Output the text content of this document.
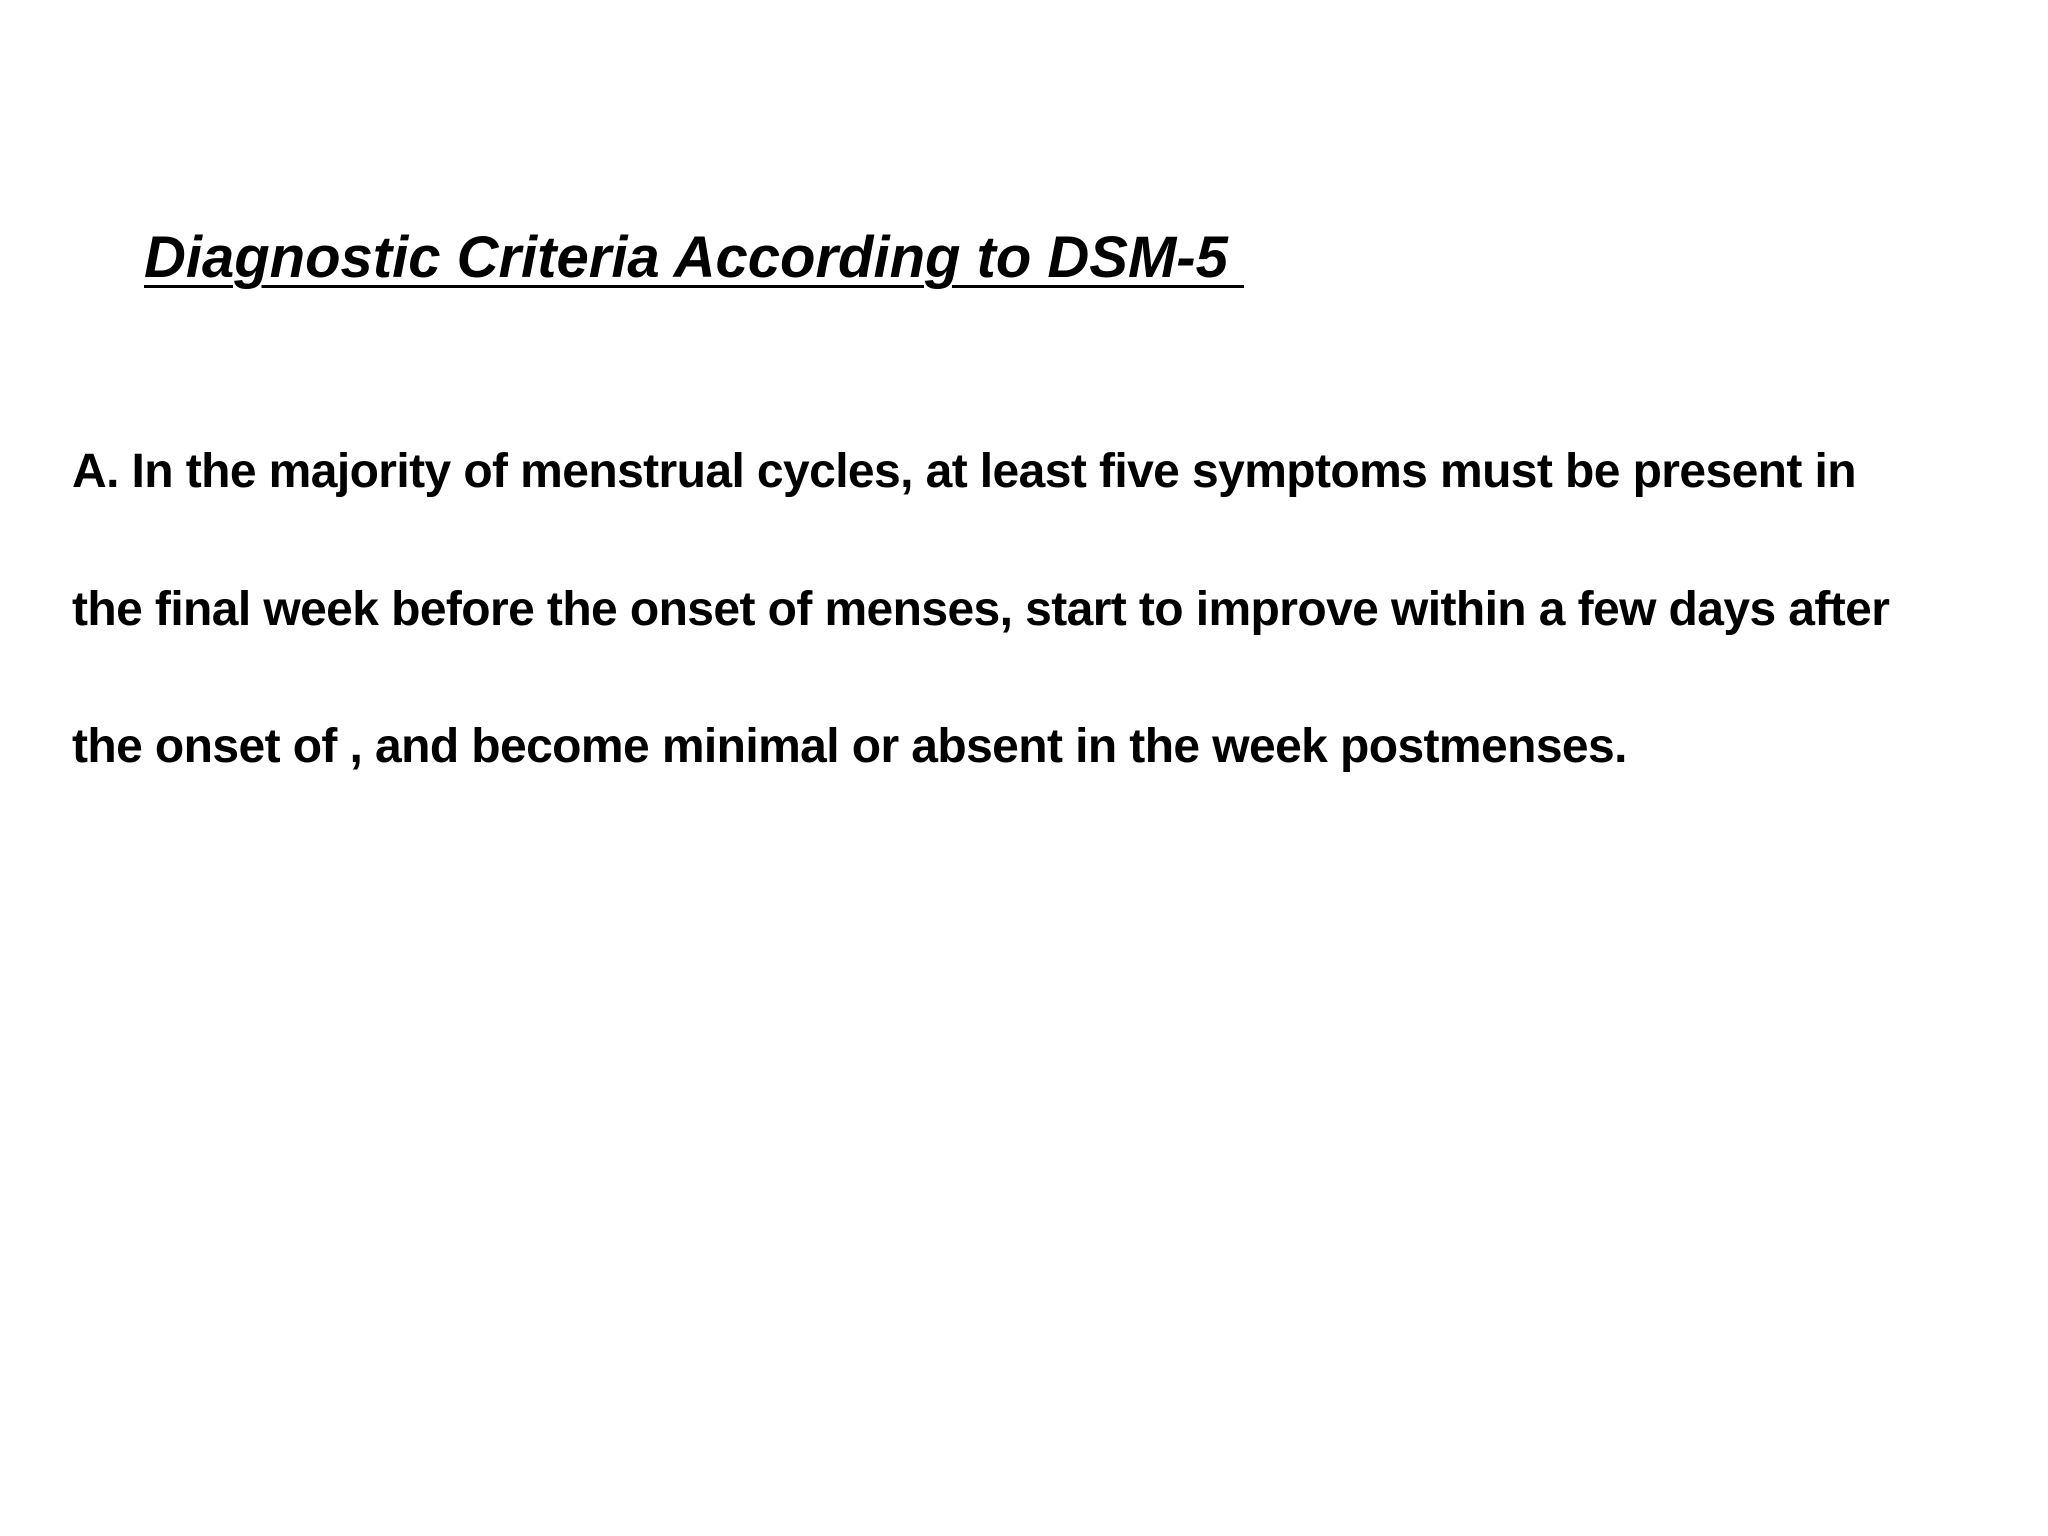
Diagnostic Criteria According to DSM-5

A. In the majority of menstrual cycles, at least five symptoms must be present in

the final week before the onset of menses, start to improve within a few days after

the onset of , and become minimal or absent in the week postmenses.
